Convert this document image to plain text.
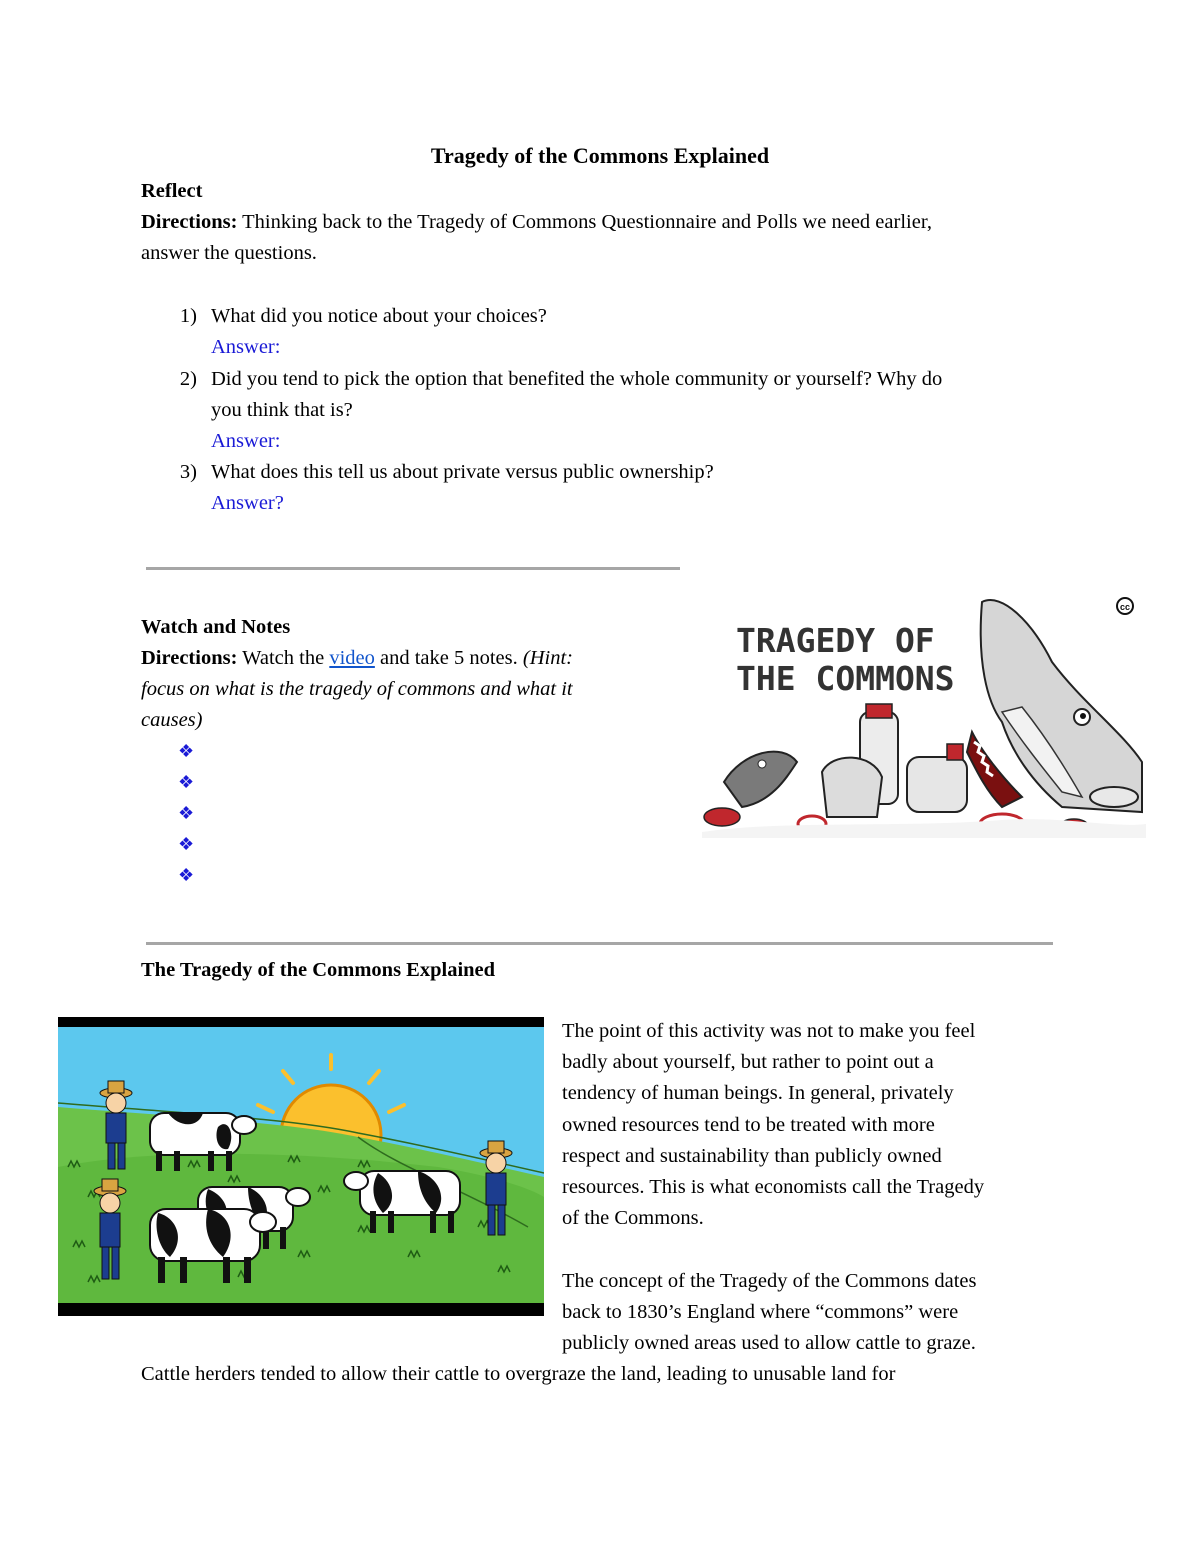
Tragedy of the Commons Explained
Reflect
Directions: Thinking back to the Tragedy of Commons Questionnaire and Polls we need earlier,
answer the questions.
1) What did you notice about your choices?
Answer:
2) Did you tend to pick the option that benefited the whole community or yourself? Why do
you think that is?
Answer:
3) What does this tell us about private versus public ownership?
Answer?
Watch and Notes
Directions: Watch the video and take 5 notes. (Hint:
focus on what is the tragedy of commons and what it
causes)
❖
❖
❖
❖
❖
cc
TRAGEDY OF
THE COMMONS
The Tragedy of the Commons Explained
The point of this activity was not to make you feel
badly about yourself, but rather to point out a
tendency of human beings. In general, privately
owned resources tend to be treated with more
respect and sustainability than publicly owned
resources. This is what economists call the Tragedy
of the Commons.
The concept of the Tragedy of the Commons dates
back to 1830’s England where “commons” were
publicly owned areas used to allow cattle to graze.
Cattle herders tended to allow their cattle to overgraze the land, leading to unusable land for
